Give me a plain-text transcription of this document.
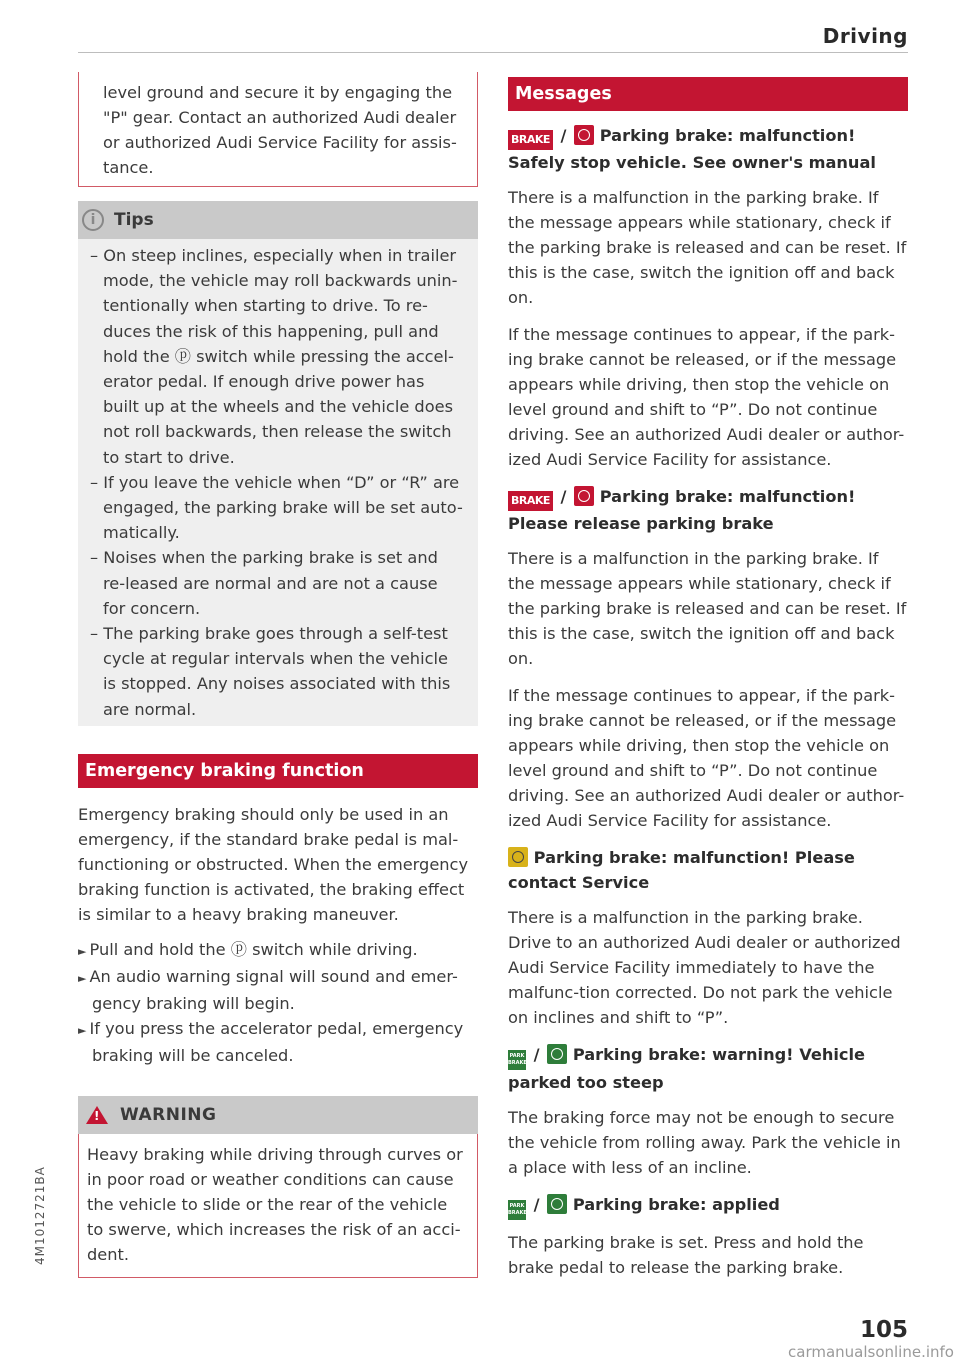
Driving

level ground and secure it by engaging the "P" gear. Contact an authorized Audi dealer or authorized Audi Service Facility for assis-tance.

i	Tips
– On steep inclines, especially when in trailer mode, the vehicle may roll backwards unin-tentionally when starting to drive. To re-duces the risk of this happening, pull and hold the ⓟ switch while pressing the accel-erator pedal. If enough drive power has built up at the wheels and the vehicle does not roll backwards, then release the switch to start to drive.
– If you leave the vehicle when “D” or “R” are engaged, the parking brake will be set auto-matically.
– Noises when the parking brake is set and re-leased are normal and are not a cause for concern.
– The parking brake goes through a self-test cycle at regular intervals when the vehicle is stopped. Any noises associated with this are normal.
Emergency braking function

Emergency braking should only be used in an emergency, if the standard brake pedal is mal-functioning or obstructed. When the emergency braking function is activated, the braking effect is similar to a heavy braking maneuver.

► Pull and hold the ⓟ switch while driving.
► An audio warning signal will sound and emer-gency braking will begin.
► If you press the accelerator pedal, emergency braking will be canceled.
! WARNING

Heavy braking while driving through curves or in poor road or weather conditions can cause the vehicle to slide or the rear of the vehicle to swerve, which increases the risk of an acci-dent.

Messages
BRAKE /
Parking brake: malfunction! Safely stop vehicle. See owner's manual

There is a malfunction in the parking brake. If the message appears while stationary, check if the parking brake is released and can be reset. If this is the case, switch the ignition off and back on.

If the message continues to appear, if the park-ing brake cannot be released, or if the message appears while driving, then stop the vehicle on level ground and shift to “P”. Do not continue driving. See an authorized Audi dealer or author-ized Audi Service Facility for assistance.

BRAKE /
Parking brake: malfunction! Please release parking brake

There is a malfunction in the parking brake. If the message appears while stationary, check if the parking brake is released and can be reset. If this is the case, switch the ignition off and back on.

If the message continues to appear, if the park-ing brake cannot be released, or if the message appears while driving, then stop the vehicle on level ground and shift to “P”. Do not continue driving. See an authorized Audi dealer or author-ized Audi Service Facility for assistance.

Parking brake: malfunction! Please contact Service

There is a malfunction in the parking brake. Drive to an authorized Audi dealer or authorized Audi Service Facility immediately to have the malfunc-tion corrected. Do not park the vehicle on inclines and shift to “P”.

PARK BRAKE /
Parking brake: warning! Vehicle parked too steep

The braking force may not be enough to secure the vehicle from rolling away. Park the vehicle in a place with less of an incline.

PARK BRAKE /
Parking brake: applied

The parking brake is set. Press and hold the brake pedal to release the parking brake.

105
4M1012721BA
carmanualsonline.info
